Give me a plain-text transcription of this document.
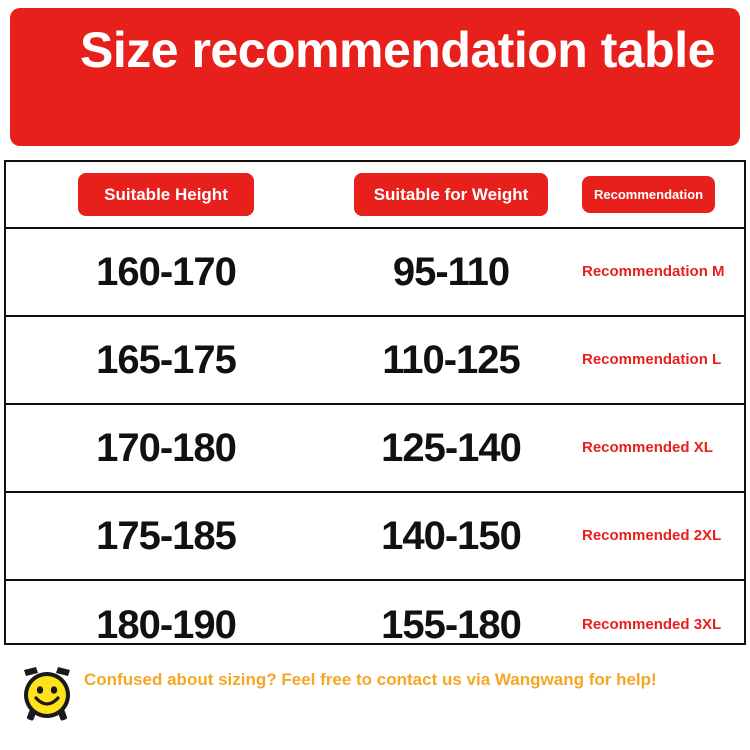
Size recommendation table
Suitable Height	Suitable for Weight	Recommendation
160-170	95-110	Recommendation M
165-175	110-125	Recommendation L
170-180	125-140	Recommended XL
175-185	140-150	Recommended 2XL
180-190	155-180	Recommended 3XL
Confused about sizing? Feel free to contact us via Wangwang for help!
